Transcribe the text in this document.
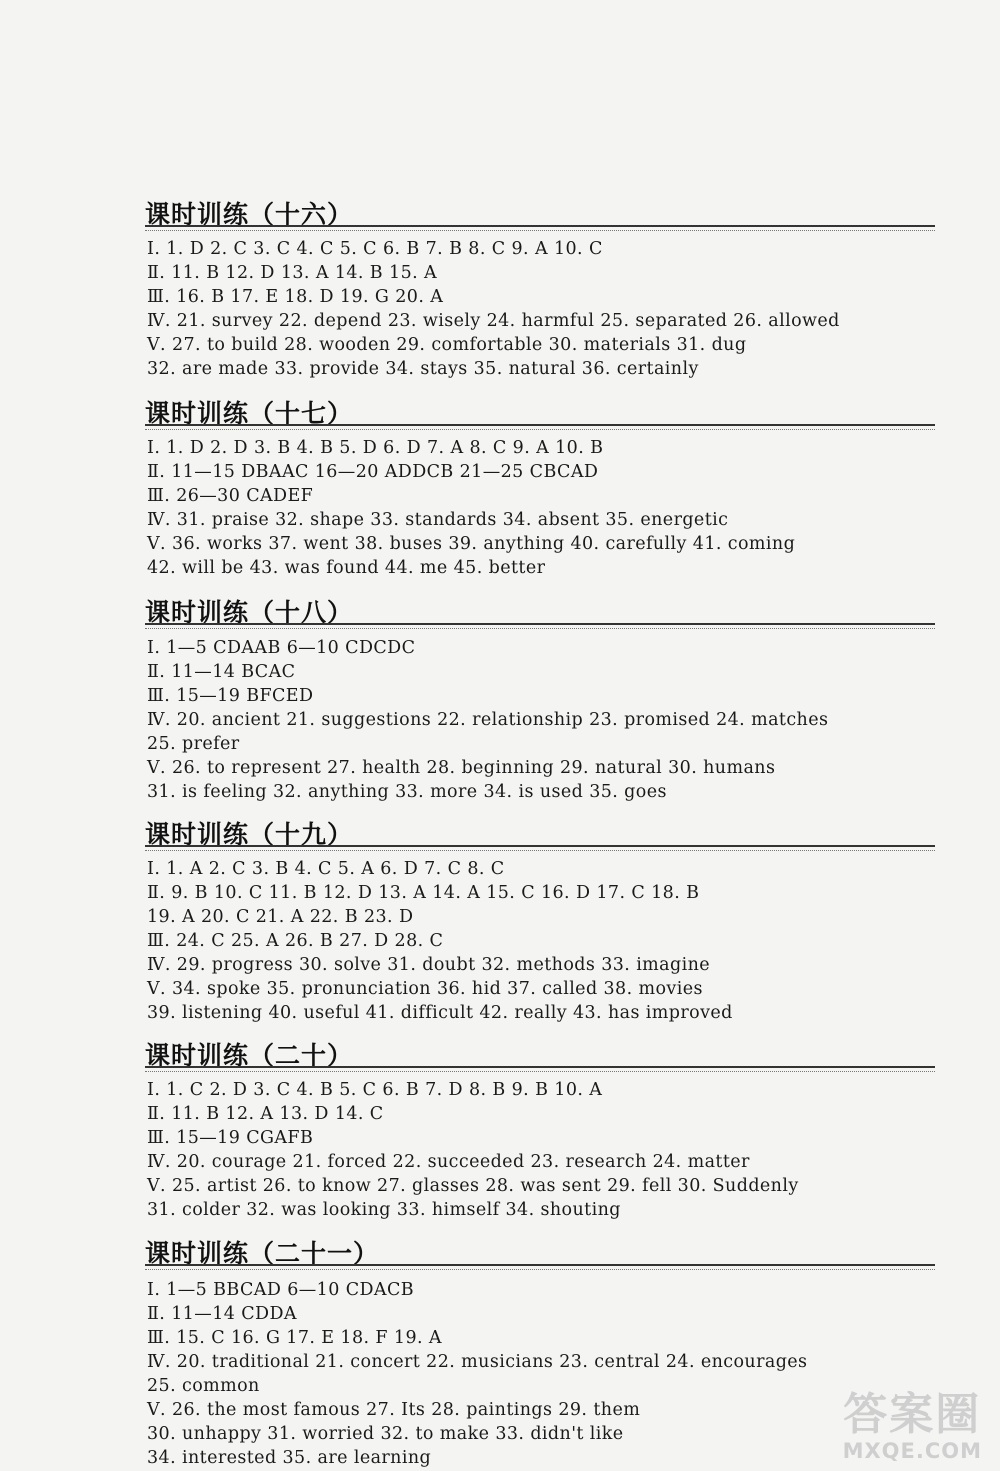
课时训练（十六）
Ⅰ. 1. D 2. C 3. C 4. C 5. C 6. B 7. B 8. C 9. A 10. C
Ⅱ. 11. B 12. D 13. A 14. B 15. A
Ⅲ. 16. B 17. E 18. D 19. G 20. A
Ⅳ. 21. survey 22. depend 23. wisely 24. harmful 25. separated 26. allowed
Ⅴ. 27. to build 28. wooden 29. comfortable 30. materials 31. dug
32. are made 33. provide 34. stays 35. natural 36. certainly
课时训练（十七）
Ⅰ. 1. D 2. D 3. B 4. B 5. D 6. D 7. A 8. C 9. A 10. B
Ⅱ. 11—15 DBAAC 16—20 ADDCB 21—25 CBCAD
Ⅲ. 26—30 CADEF
Ⅳ. 31. praise 32. shape 33. standards 34. absent 35. energetic
Ⅴ. 36. works 37. went 38. buses 39. anything 40. carefully 41. coming
42. will be 43. was found 44. me 45. better
课时训练（十八）
Ⅰ. 1—5 CDAAB 6—10 CDCDC
Ⅱ. 11—14 BCAC
Ⅲ. 15—19 BFCED
Ⅳ. 20. ancient 21. suggestions 22. relationship 23. promised 24. matches
25. prefer
Ⅴ. 26. to represent 27. health 28. beginning 29. natural 30. humans
31. is feeling 32. anything 33. more 34. is used 35. goes
课时训练（十九）
Ⅰ. 1. A 2. C 3. B 4. C 5. A 6. D 7. C 8. C
Ⅱ. 9. B 10. C 11. B 12. D 13. A 14. A 15. C 16. D 17. C 18. B
19. A 20. C 21. A 22. B 23. D
Ⅲ. 24. C 25. A 26. B 27. D 28. C
Ⅳ. 29. progress 30. solve 31. doubt 32. methods 33. imagine
Ⅴ. 34. spoke 35. pronunciation 36. hid 37. called 38. movies
39. listening 40. useful 41. difficult 42. really 43. has improved
课时训练（二十）
Ⅰ. 1. C 2. D 3. C 4. B 5. C 6. B 7. D 8. B 9. B 10. A
Ⅱ. 11. B 12. A 13. D 14. C
Ⅲ. 15—19 CGAFB
Ⅳ. 20. courage 21. forced 22. succeeded 23. research 24. matter
Ⅴ. 25. artist 26. to know 27. glasses 28. was sent 29. fell 30. Suddenly
31. colder 32. was looking 33. himself 34. shouting
课时训练（二十一）
Ⅰ. 1—5 BBCAD 6—10 CDACB
Ⅱ. 11—14 CDDA
Ⅲ. 15. C 16. G 17. E 18. F 19. A
Ⅳ. 20. traditional 21. concert 22. musicians 23. central 24. encourages
25. common
Ⅴ. 26. the most famous 27. Its 28. paintings 29. them
30. unhappy 31. worried 32. to make 33. didn't like
34. interested 35. are learning
答案圈
MXQE.COM
